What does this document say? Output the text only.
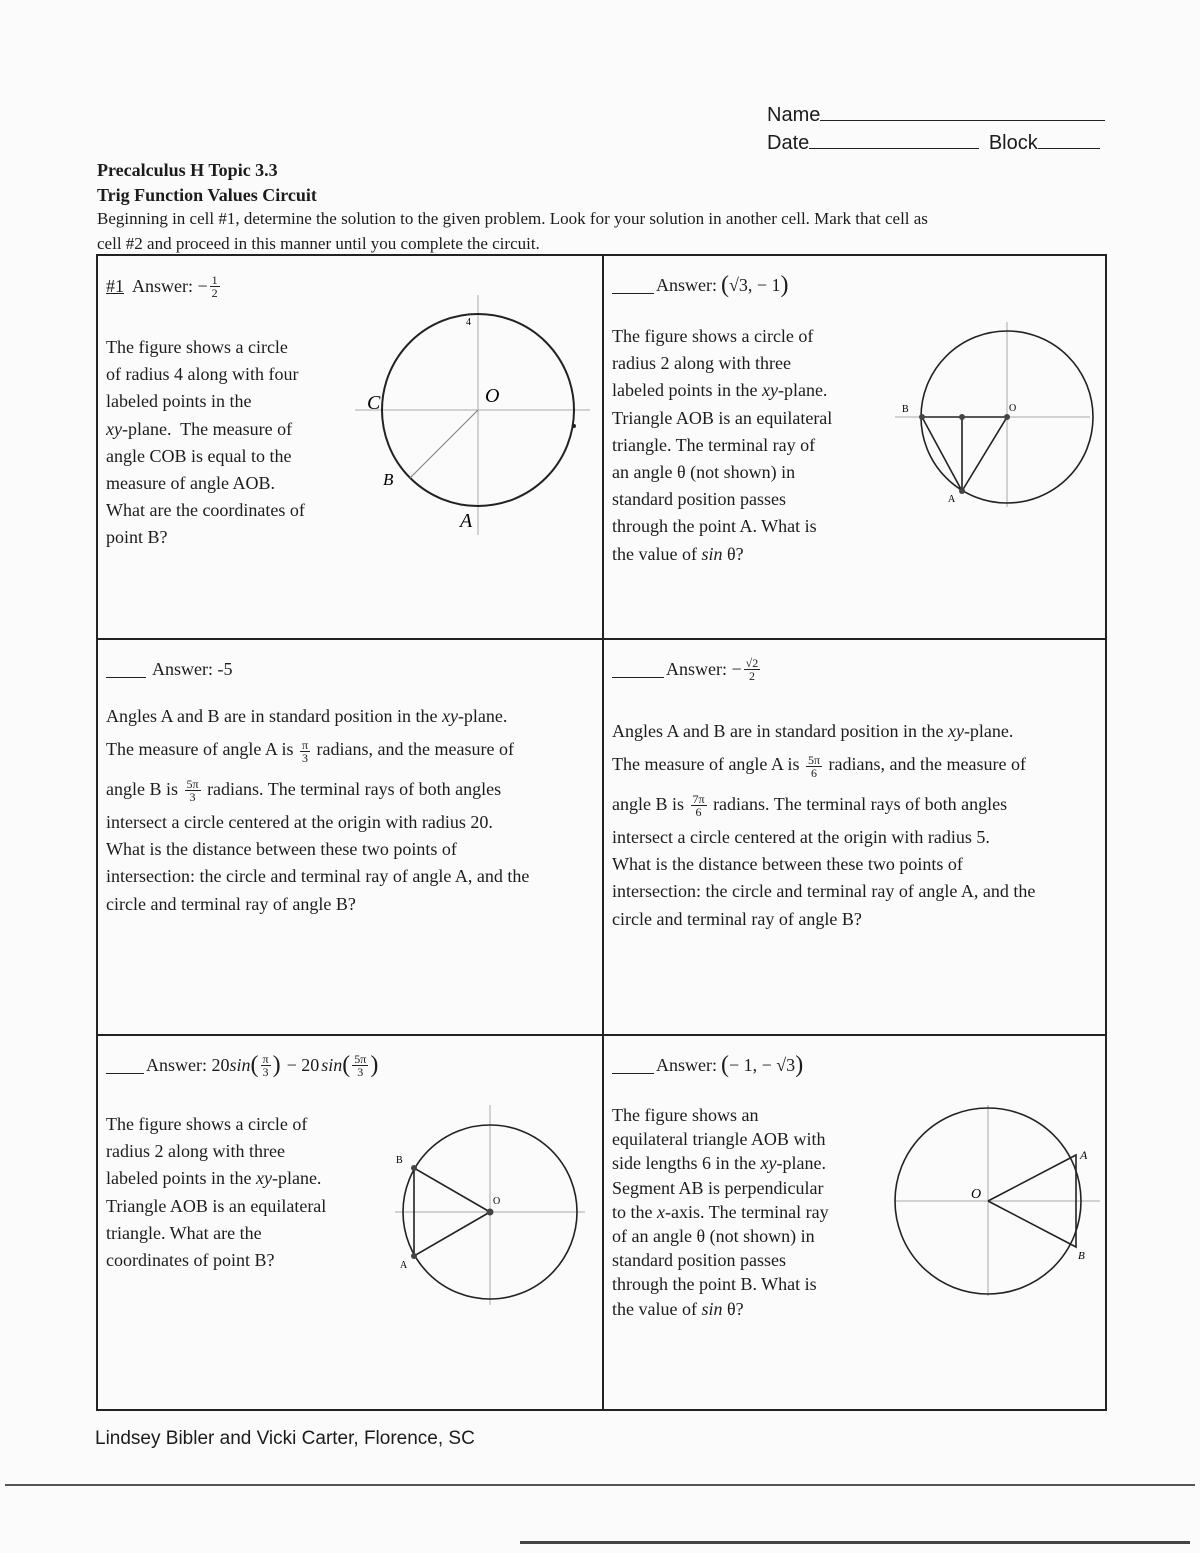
Name
Date	Block
Precalculus H Topic 3.3
Trig Function Values Circuit
Beginning in cell #1, determine the solution to the given problem. Look for your solution in another cell. Mark that cell as
cell #2 and proceed in this manner until you complete the circuit.
#1 Answer: − $\frac{1}{2}$
The figure shows a circle
of radius 4 along with four
labeled points in the
xy-plane.  The measure of
angle COB is equal to the
measure of angle AOB.
What are the coordinates of
point B?
C	O
B
A
4
Answer: ( √3, − 1 )
The figure shows a circle of
radius 2 along with three
labeled points in the xy-plane.
Triangle AOB is an equilateral
triangle. The terminal ray of
an angle θ (not shown) in
standard position passes
through the point A. What is
the value of sin θ?
B	O
A
Answer: -5
Angles A and B are in standard position in the xy-plane.
The measure of angle A is $\frac{\pi}{3}$ radians, and the measure of
angle B is $\frac{5\pi}{3}$ radians. The terminal rays of both angles
intersect a circle centered at the origin with radius 20.
What is the distance between these two points of
intersection: the circle and terminal ray of angle A, and the
circle and terminal ray of angle B?
Answer: − $\frac{√2}{2}$
Angles A and B are in standard position in the xy-plane.
The measure of angle A is $\frac{5\pi}{6}$ radians, and the measure of
angle B is $\frac{7\pi}{6}$ radians. The terminal rays of both angles
intersect a circle centered at the origin with radius 5.
What is the distance between these two points of
intersection: the circle and terminal ray of angle A, and the
circle and terminal ray of angle B?
Answer: 20 sin ( $\frac{\pi}{3}$ ) − 20 sin ( $\frac{5\pi}{3}$ )
The figure shows a circle of
radius 2 along with three
labeled points in the xy-plane.
Triangle AOB is an equilateral
triangle. What are the
coordinates of point B?
B
O
A
Answer: ( − 1, − √3 )
The figure shows an
equilateral triangle AOB with
side lengths 6 in the xy-plane.
Segment AB is perpendicular
to the x-axis. The terminal ray
of an angle θ (not shown) in
standard position passes
through the point B. What is
the value of sin θ?
O
A
B
Lindsey Bibler and Vicki Carter, Florence, SC
